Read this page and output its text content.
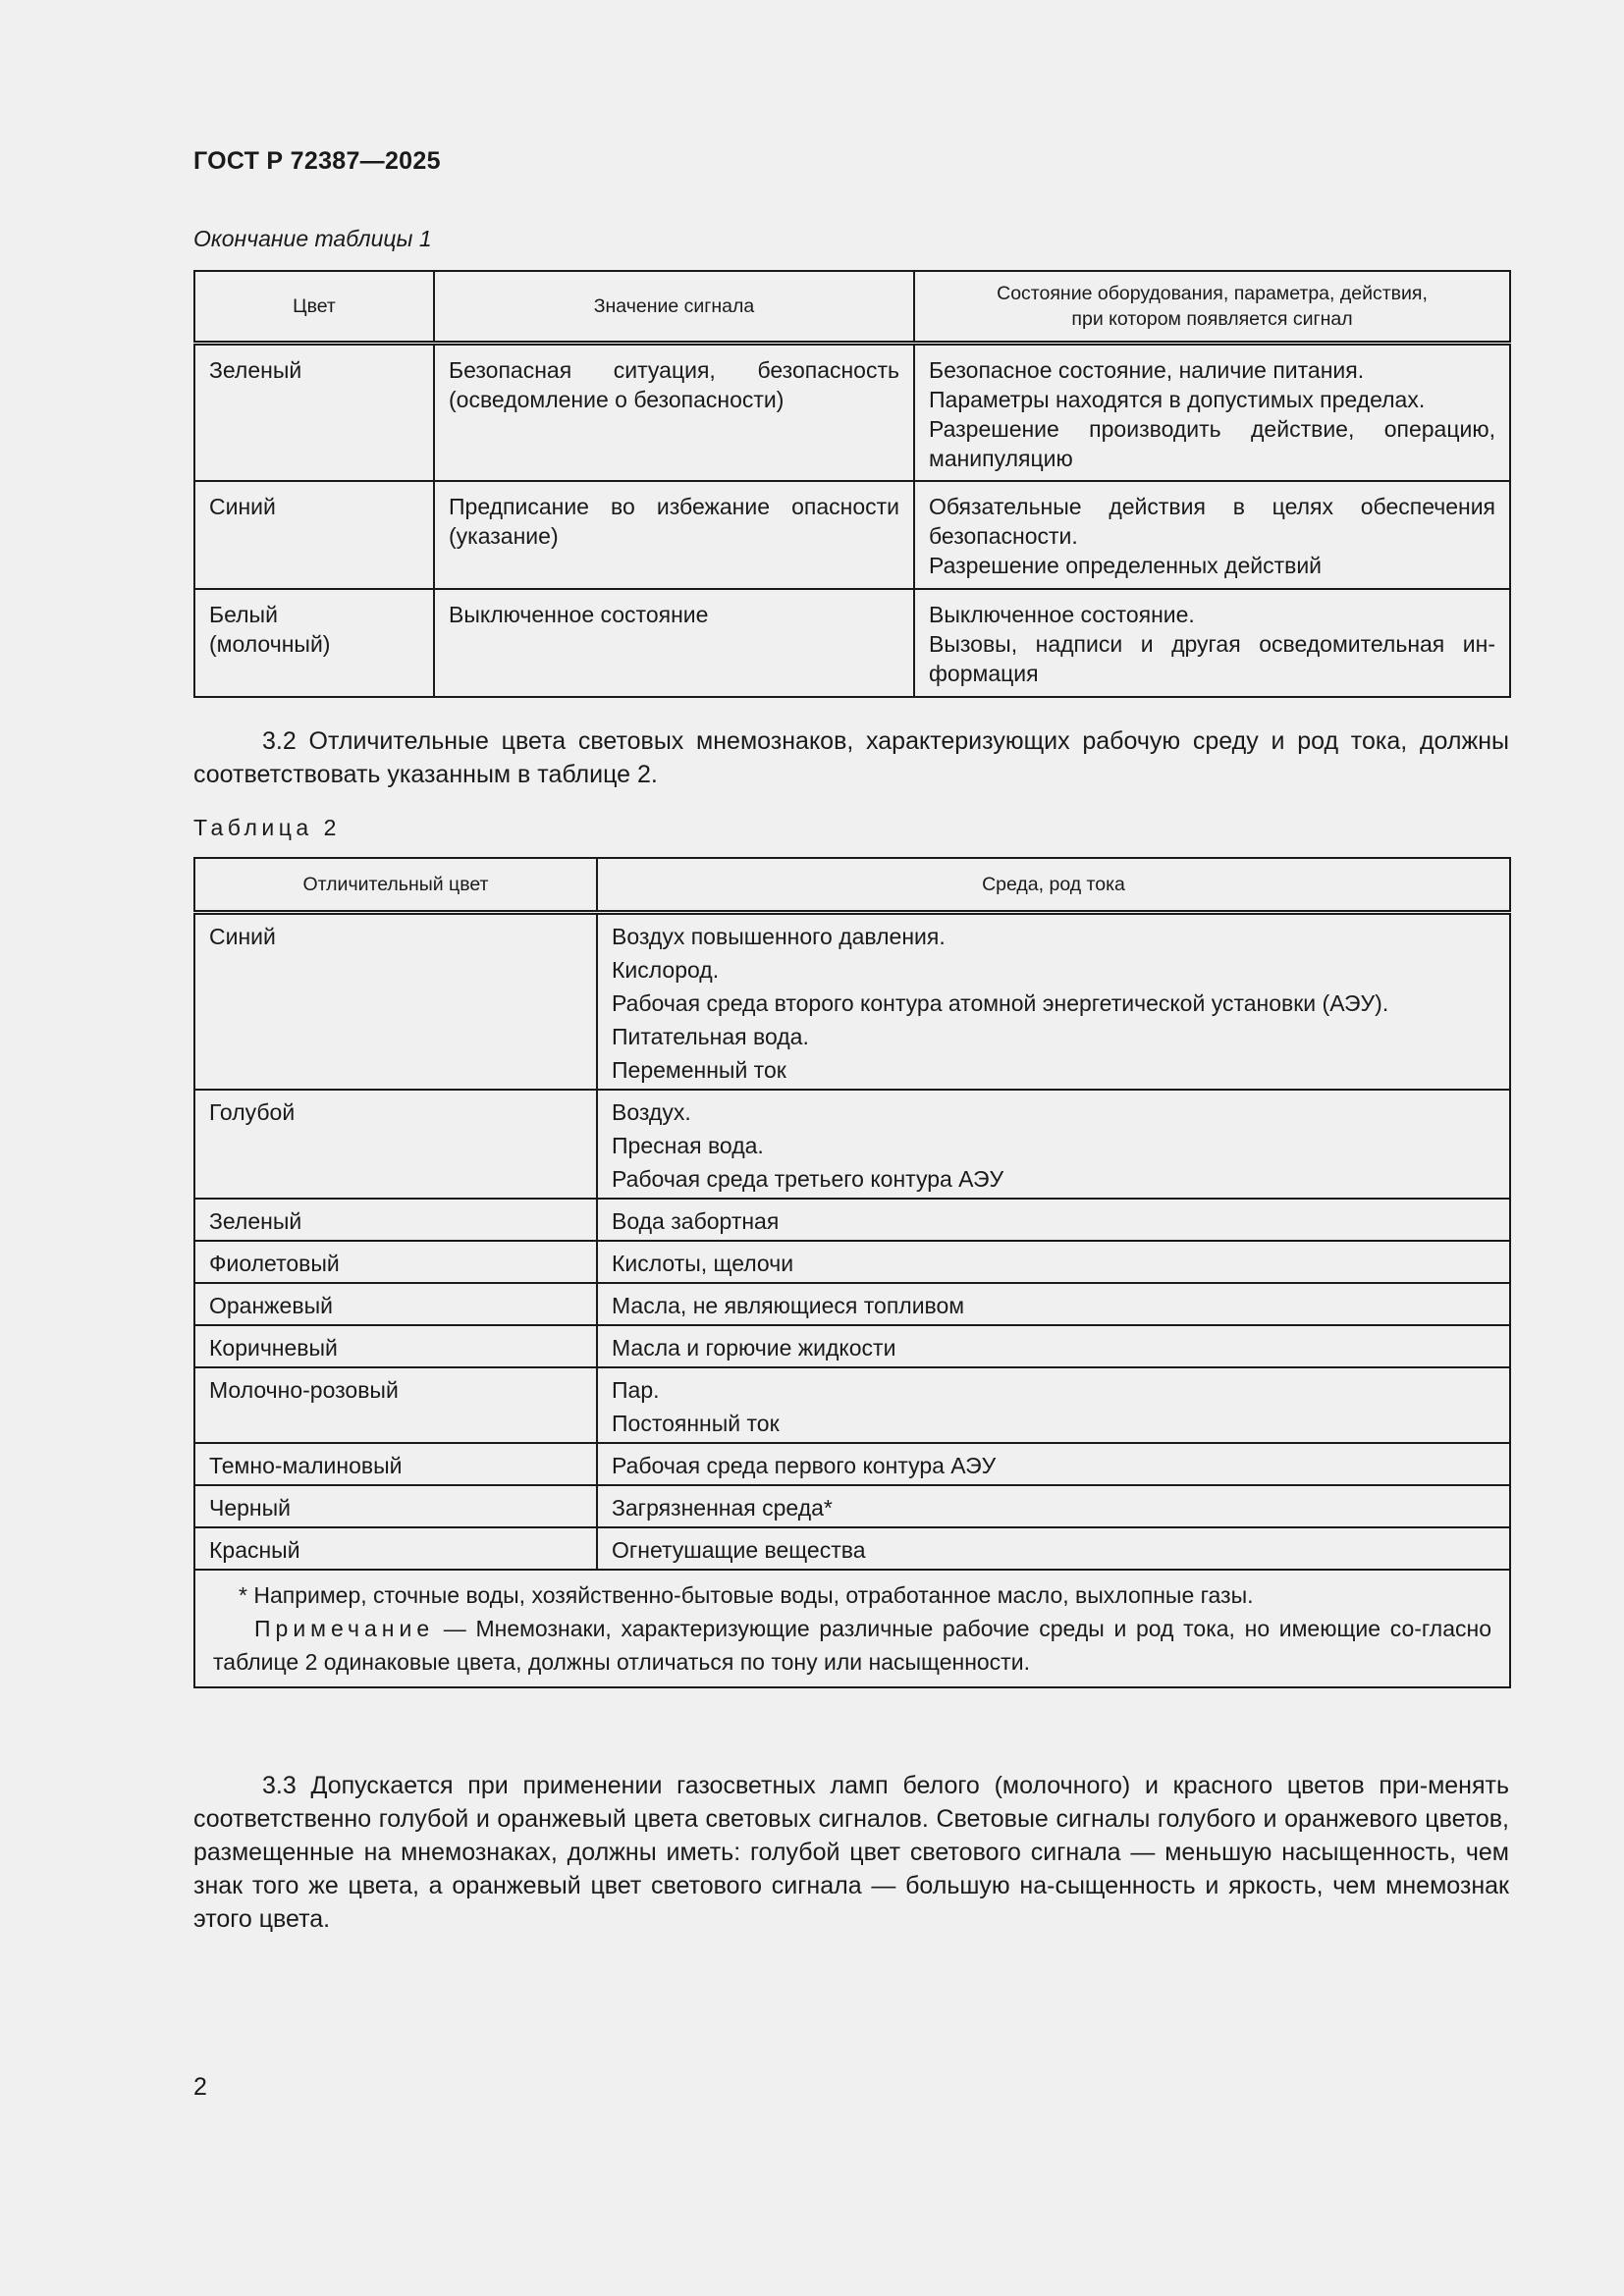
ГОСТ Р 72387—2025
Окончание таблицы 1
Цвет	Значение сигнала	Состояние оборудования, параметра, действия,
при котором появляется сигнал

Зеленый	Безопасная ситуация, безопасность (осведомление о безопасности)	Безопасное состояние, наличие питания.
Параметры находятся в допустимых пределах.
Разрешение производить действие, операцию, манипуляцию

Синий	Предписание во избежание опасности (указание)	Обязательные действия в целях обеспечения безопасности.
Разрешение определенных действий

Белый
(молочный)	Выключенное состояние	Выключенное состояние.
Вызовы, надписи и другая осведомительная ин-формация
3.2 Отличительные цвета световых мнемознаков, характеризующих рабочую среду и род тока, должны соответствовать указанным в таблице 2.
Таблица 2
Отличительный цвет	Среда, род тока
Синий	Воздух повышенного давления.
Кислород.
Рабочая среда второго контура атомной энергетической установки (АЭУ).
Питательная вода.
Переменный ток

Голубой	Воздух.
Пресная вода.
Рабочая среда третьего контура АЭУ

Зеленый	Вода забортная

Фиолетовый	Кислоты, щелочи

Оранжевый	Масла, не являющиеся топливом

Коричневый	Масла и горючие жидкости

Молочно-розовый	Пар.
Постоянный ток

Темно-малиновый	Рабочая среда первого контура АЭУ

Черный	Загрязненная среда*

Красный	Огнетушащие вещества

* Например, сточные воды, хозяйственно-бытовые воды, отработанное масло, выхлопные газы.
Примечание — Мнемознаки, характеризующие различные рабочие среды и род тока, но имеющие со-гласно таблице 2 одинаковые цвета, должны отличаться по тону или насыщенности.	
3.3 Допускается при применении газосветных ламп белого (молочного) и красного цветов при-менять соответственно голубой и оранжевый цвета световых сигналов. Световые сигналы голубого и оранжевого цветов, размещенные на мнемознаках, должны иметь: голубой цвет светового сигнала — меньшую насыщенность, чем знак того же цвета, а оранжевый цвет светового сигнала — большую на-сыщенность и яркость, чем мнемознак этого цвета.
2
